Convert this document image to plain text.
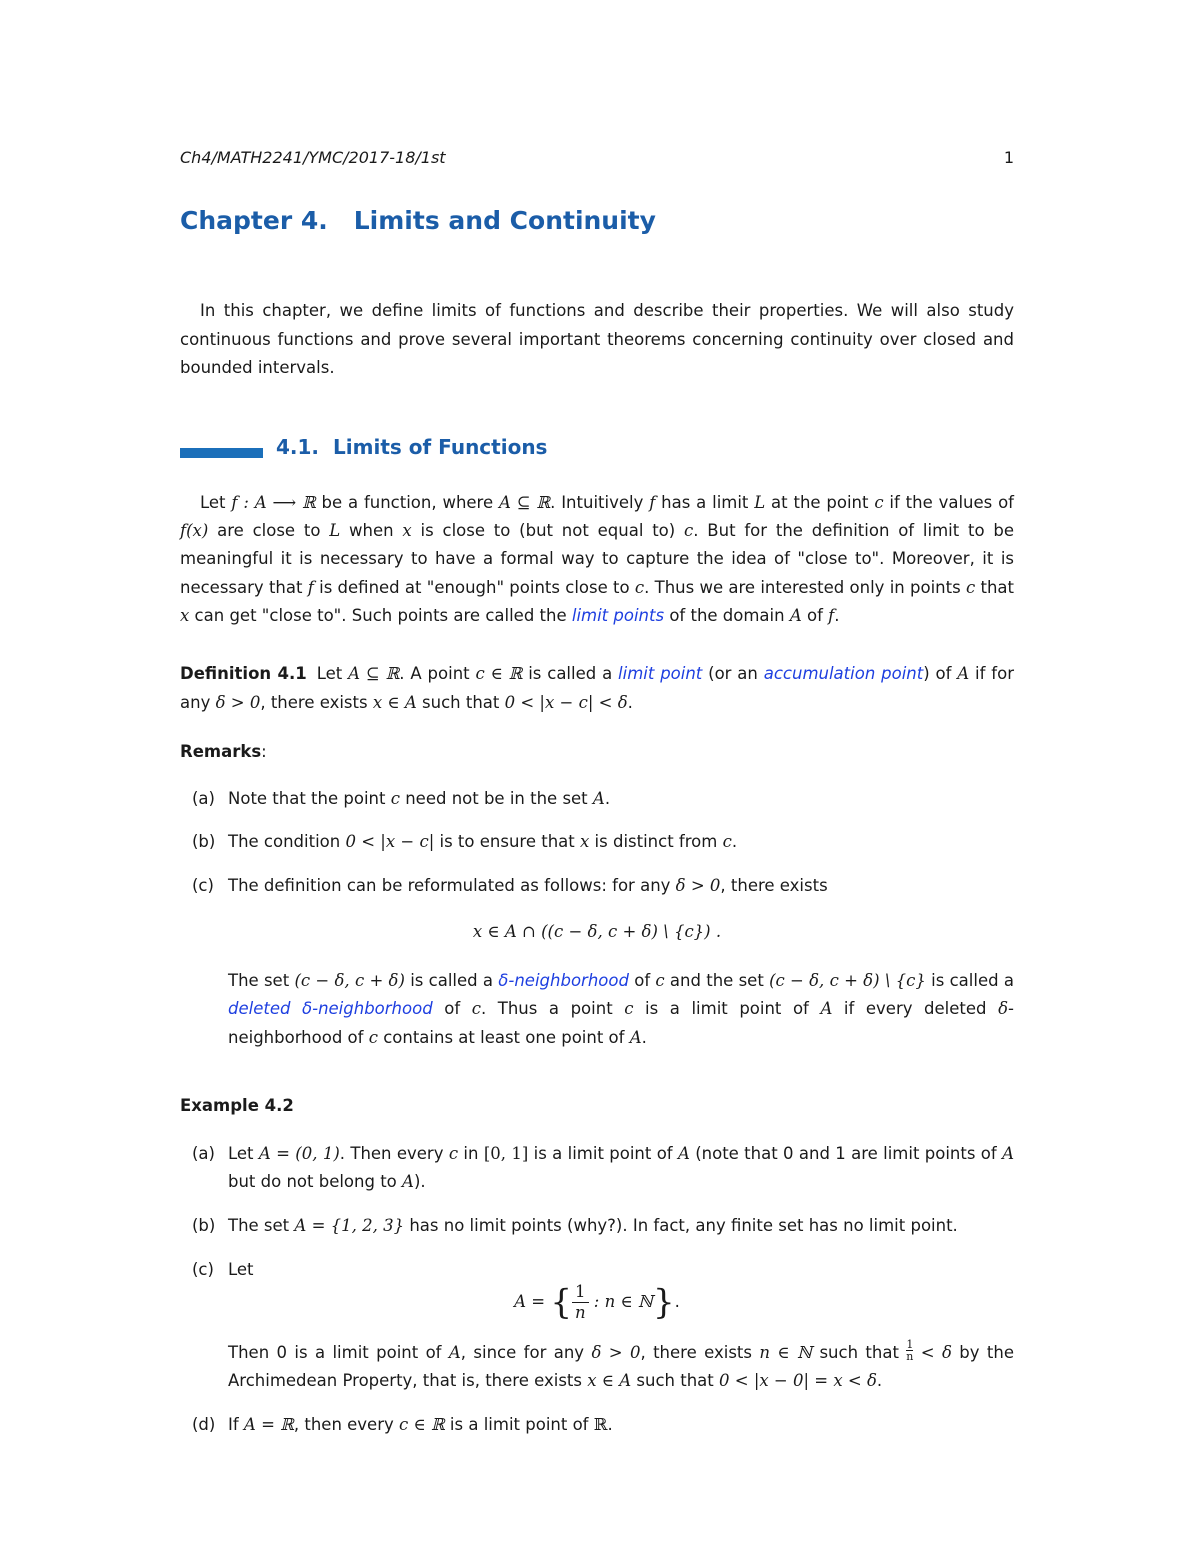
Ch4/MATH2241/YMC/2017-18/1st	1
Chapter 4. Limits and Continuity

In this chapter, we define limits of functions and describe their properties. We will also study continuous functions and prove several important theorems concerning continuity over closed and bounded intervals.

4.1. Limits of Functions

Let f : A ⟶ ℝ be a function, where A ⊆ ℝ. Intuitively f has a limit L at the point c if the values of f(x) are close to L when x is close to (but not equal to) c. But for the definition of limit to be meaningful it is necessary to have a formal way to capture the idea of "close to". Moreover, it is necessary that f is defined at "enough" points close to c. Thus we are interested only in points c that x can get "close to". Such points are called the limit points of the domain A of f.

Definition 4.1 Let A ⊆ ℝ. A point c ∈ ℝ is called a limit point (or an accumulation point) of A if for any δ > 0, there exists x ∈ A such that 0 < |x − c| < δ.

Remarks:
(a) Note that the point c need not be in the set A.
(b) The condition 0 < |x − c| is to ensure that x is distinct from c.
(c) The definition can be reformulated as follows: for any δ > 0, there exists
x ∈ A ∩ ((c − δ, c + δ) \ {c}) .
The set (c − δ, c + δ) is called a δ-neighborhood of c and the set (c − δ, c + δ) \ {c} is called a deleted δ-neighborhood of c. Thus a point c is a limit point of A if every deleted δ-neighborhood of c contains at least one point of A.
Example 4.2
(a) Let A = (0, 1). Then every c in [0, 1] is a limit point of A (note that 0 and 1 are limit points of A but do not belong to A).
(b) The set A = {1, 2, 3} has no limit points (why?). In fact, any finite set has no limit point.
(c) Let
A = { $\frac{1}{n}$ : n ∈ ℕ}.
Then 0 is a limit point of A, since for any δ > 0, there exists n ∈ ℕ such that $\frac{1}{n} < \delta$ by the Archimedean Property, that is, there exists x ∈ A such that 0 < |x − 0| = x < δ.
(d) If A = ℝ, then every c ∈ ℝ is a limit point of ℝ.
